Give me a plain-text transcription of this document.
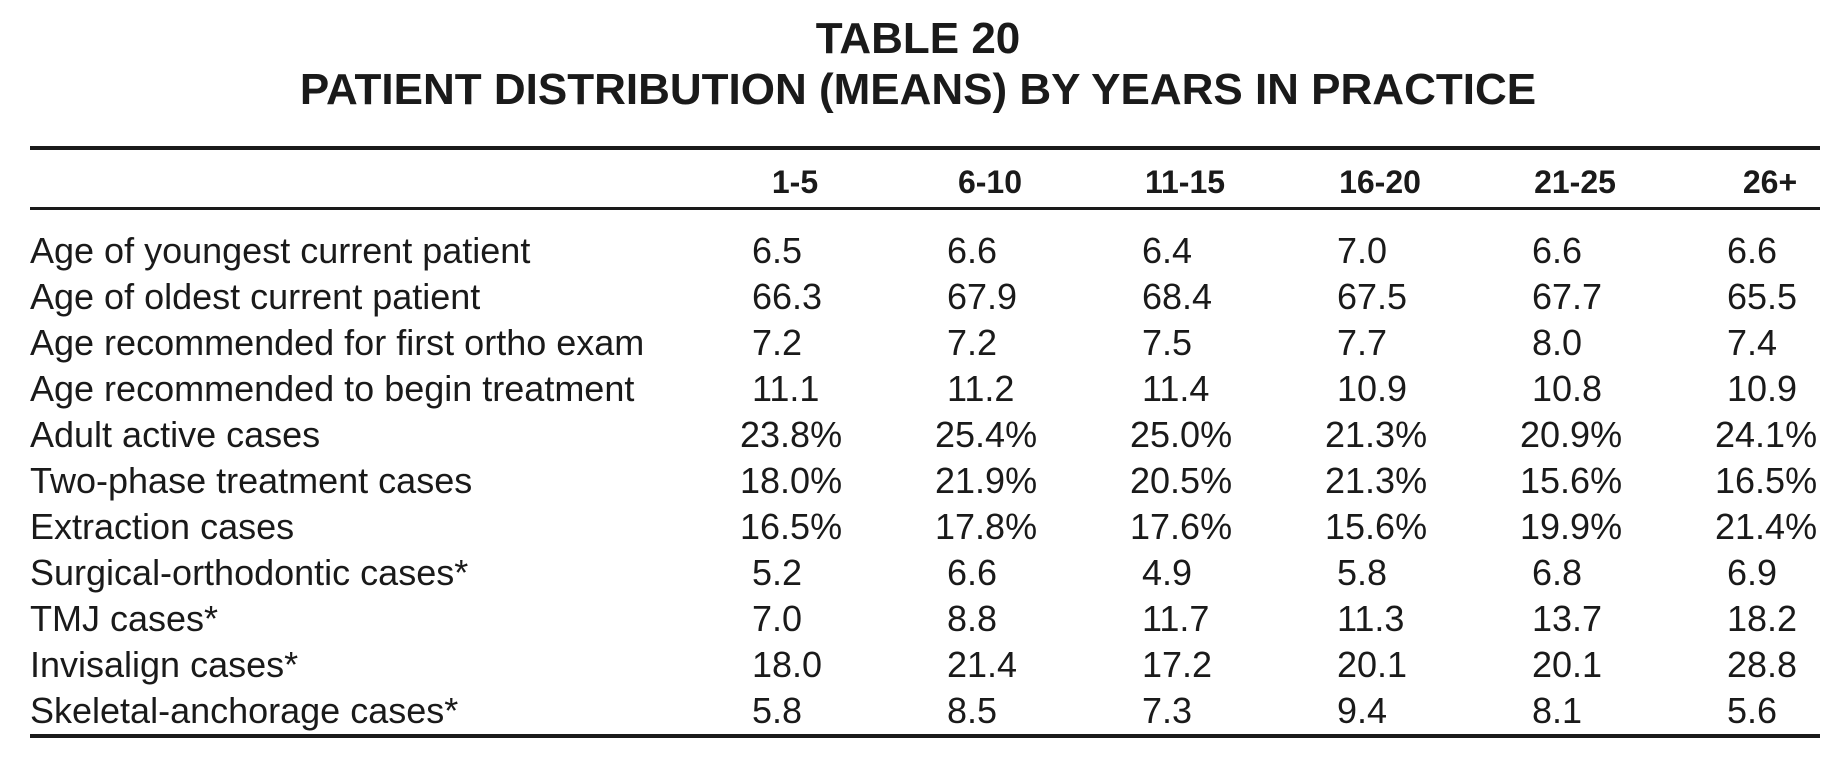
TABLE 20
PATIENT DISTRIBUTION (MEANS) BY YEARS IN PRACTICE
1-5	6-10	11-15	16-20	21-25	26+
Age of youngest current patient	6.5	6.6	6.4	7.0	6.6	6.6
Age of oldest current patient	66.3	67.9	68.4	67.5	67.7	65.5
Age recommended for first ortho exam	7.2	7.2	7.5	7.7	8.0	7.4
Age recommended to begin treatment	11.1	11.2	11.4	10.9	10.8	10.9
Adult active cases	23.8%	25.4%	25.0%	21.3%	20.9%	24.1%
Two-phase treatment cases	18.0%	21.9%	20.5%	21.3%	15.6%	16.5%
Extraction cases	16.5%	17.8%	17.6%	15.6%	19.9%	21.4%
Surgical-orthodontic cases*	5.2	6.6	4.9	5.8	6.8	6.9
TMJ cases*	7.0	8.8	11.7	11.3	13.7	18.2
Invisalign cases*	18.0	21.4	17.2	20.1	20.1	28.8
Skeletal-anchorage cases*	5.8	8.5	7.3	9.4	8.1	5.6
